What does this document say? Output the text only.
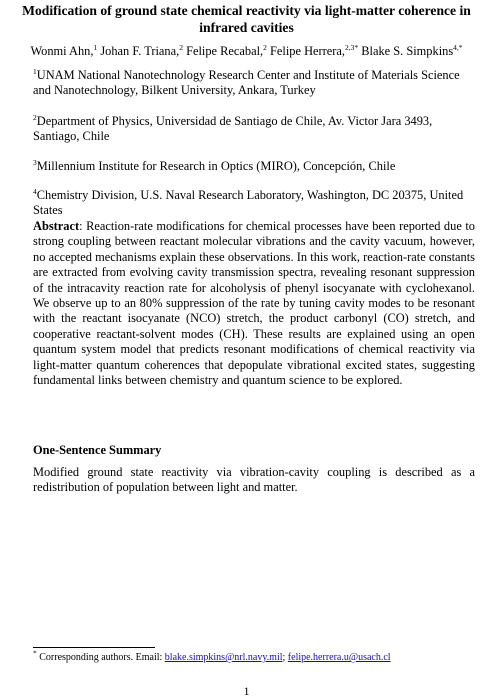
Modification of ground state chemical reactivity via light-matter coherence in infrared cavities
Wonmi Ahn,$^1$ Johan F. Triana,$^2$ Felipe Recabal,$^2$ Felipe Herrera,$^{2,3*}$ Blake S. Simpkins$^{4,*}$
$^1$UNAM National Nanotechnology Research Center and Institute of Materials Science and Nanotechnology, Bilkent University, Ankara, Turkey
$^2$Department of Physics, Universidad de Santiago de Chile, Av. Victor Jara 3493, Santiago, Chile
$^3$Millennium Institute for Research in Optics (MIRO), Concepción, Chile
$^4$Chemistry Division, U.S. Naval Research Laboratory, Washington, DC 20375, United States
Abstract: Reaction-rate modifications for chemical processes have been reported due to strong coupling between reactant molecular vibrations and the cavity vacuum, however, no accepted mechanisms explain these observations. In this work, reaction-rate constants are extracted from evolving cavity transmission spectra, revealing resonant suppression of the intracavity reaction rate for alcoholysis of phenyl isocyanate with cyclohexanol. We observe up to an 80% suppression of the rate by tuning cavity modes to be resonant with the reactant isocyanate (NCO) stretch, the product carbonyl (CO) stretch, and cooperative reactant-solvent modes (CH). These results are explained using an open quantum system model that predicts resonant modifications of chemical reactivity via light-matter quantum coherences that depopulate vibrational excited states, suggesting fundamental links between chemistry and quantum science to be explored.
One-Sentence Summary
Modified ground state reactivity via vibration-cavity coupling is described as a redistribution of population between light and matter.
* Corresponding authors. Email: blake.simpkins@nrl.navy.mil; felipe.herrera.u@usach.cl
1
